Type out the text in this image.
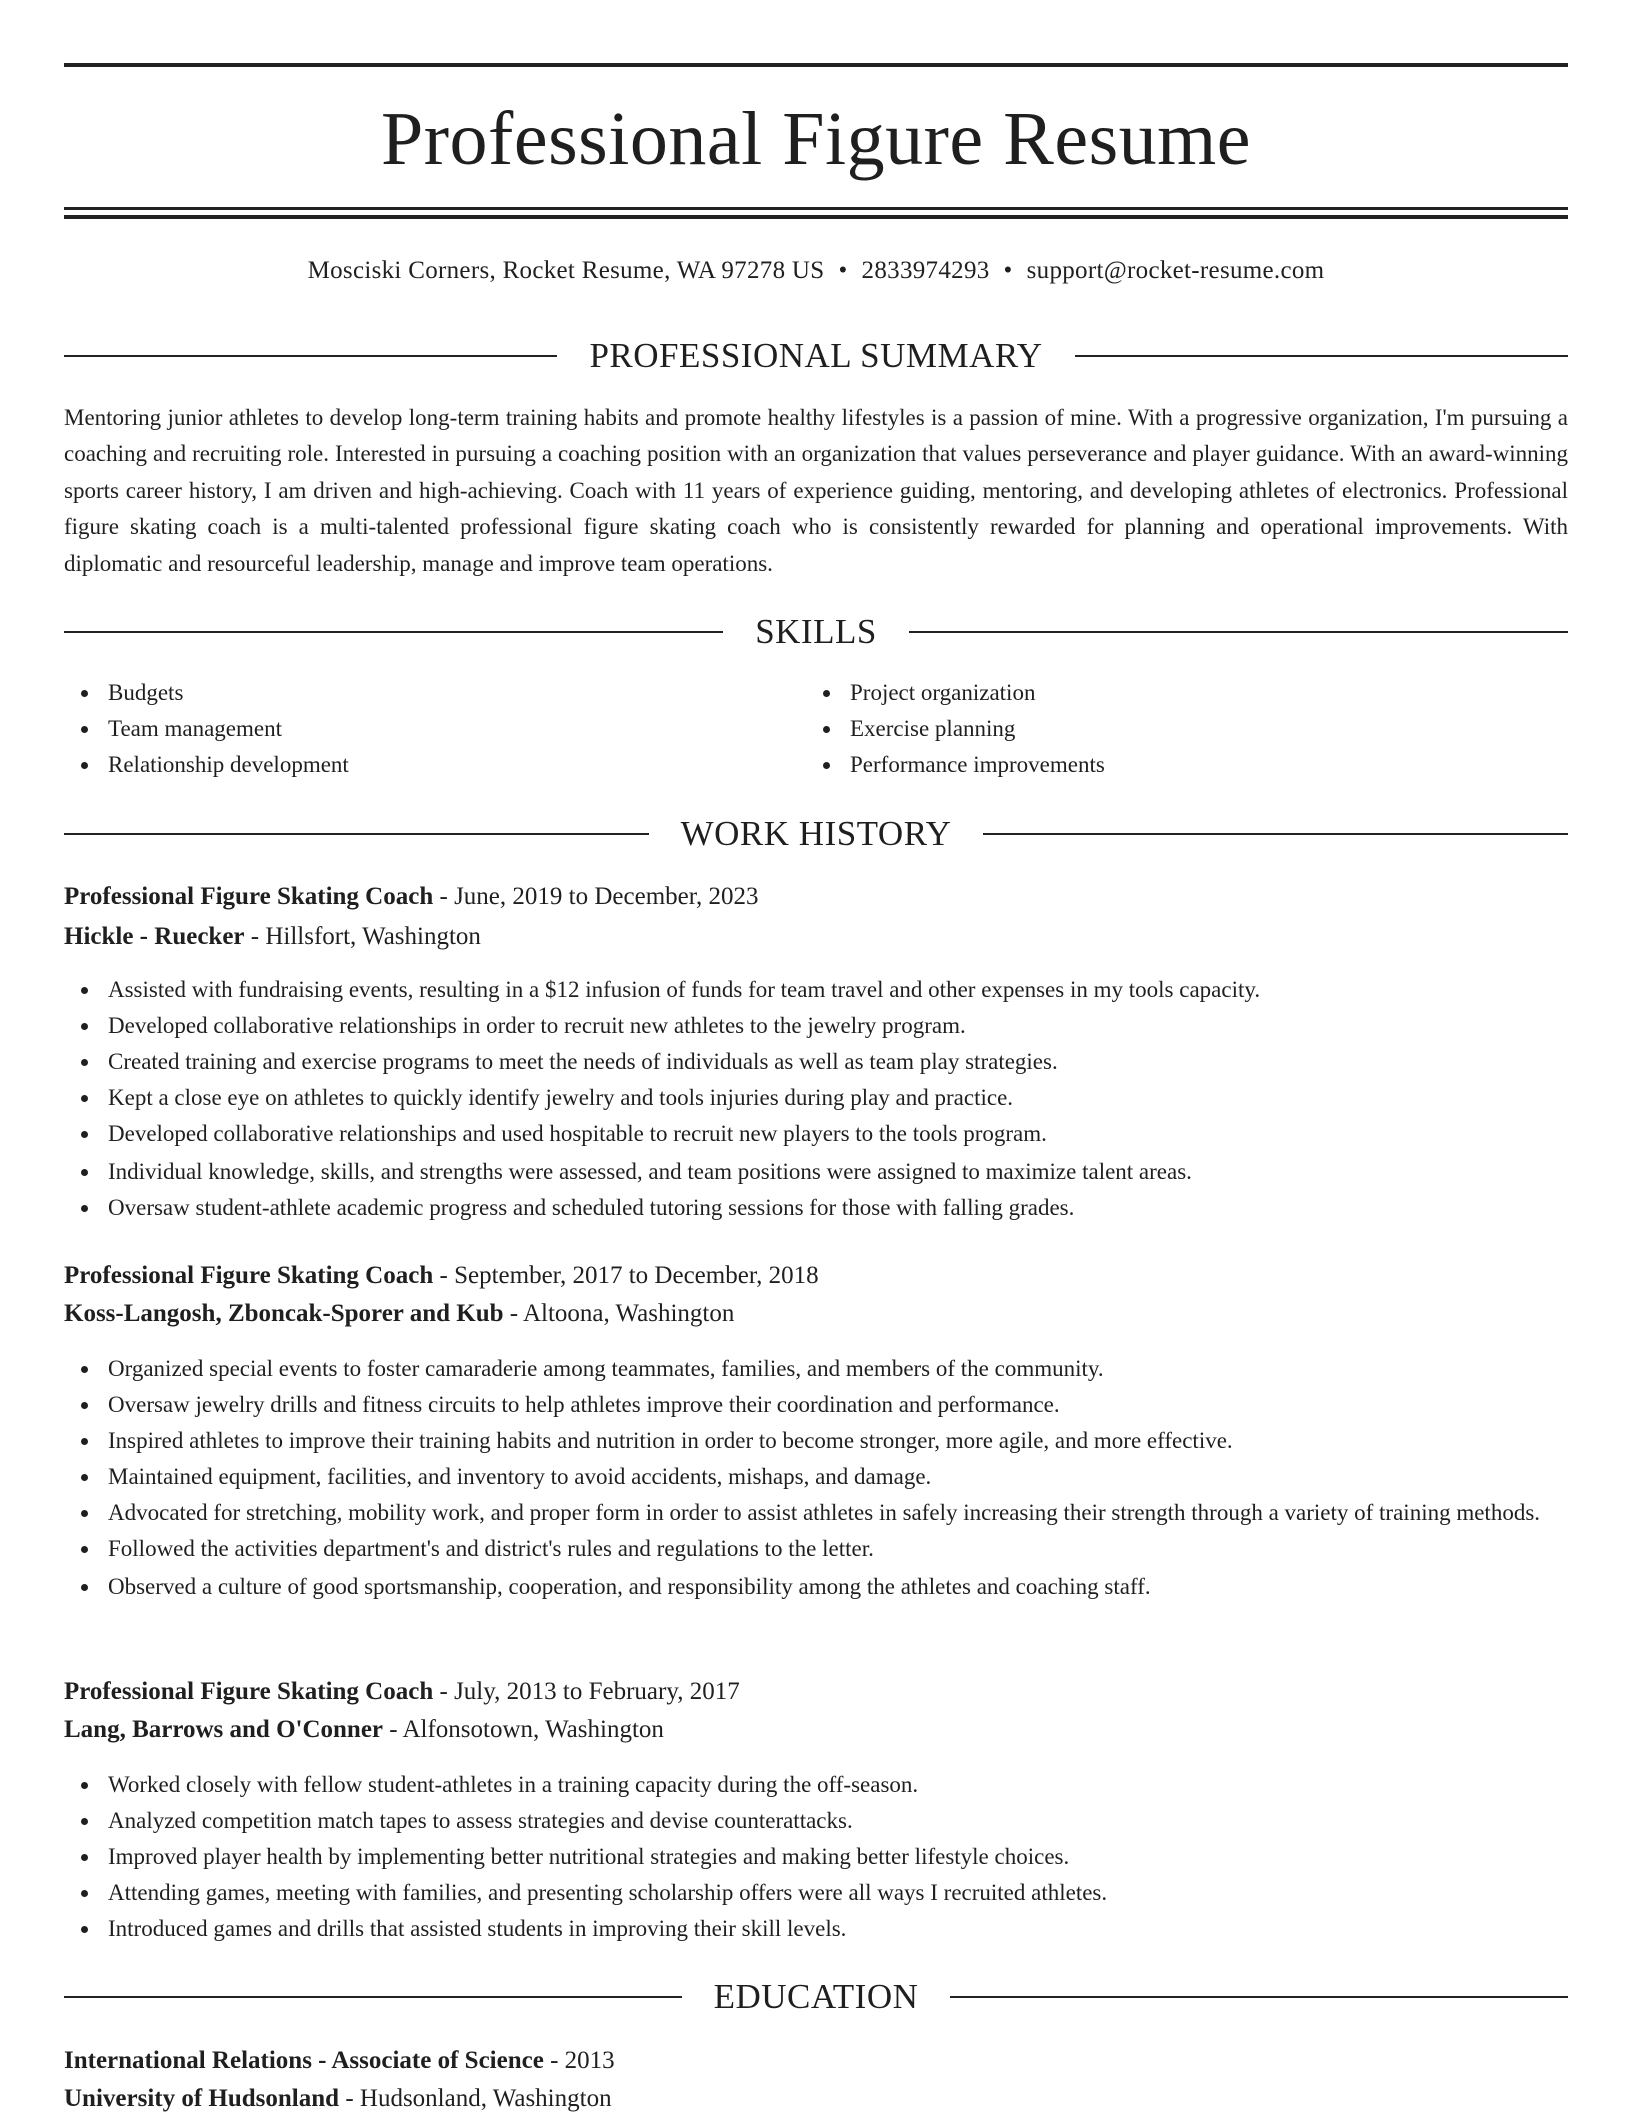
Professional Figure Resume
Mosciski Corners, Rocket Resume, WA 97278 US • 2833974293 • support@rocket-resume.com
PROFESSIONAL SUMMARY
Mentoring junior athletes to develop long-term training habits and promote healthy lifestyles is a passion of mine. With a progressive organization, I'm pursuing a coaching and recruiting role. Interested in pursuing a coaching position with an organization that values perseverance and player guidance. With an award-winning sports career history, I am driven and high-achieving. Coach with 11 years of experience guiding, mentoring, and developing athletes of electronics. Professional figure skating coach is a multi-talented professional figure skating coach who is consistently rewarded for planning and operational improvements. With diplomatic and resourceful leadership, manage and improve team operations.
SKILLS
Budgets
Team management
Relationship development
Project organization
Exercise planning
Performance improvements
WORK HISTORY
Professional Figure Skating Coach - June, 2019 to December, 2023
Hickle - Ruecker - Hillsfort, Washington
Assisted with fundraising events, resulting in a $12 infusion of funds for team travel and other expenses in my tools capacity.
Developed collaborative relationships in order to recruit new athletes to the jewelry program.
Created training and exercise programs to meet the needs of individuals as well as team play strategies.
Kept a close eye on athletes to quickly identify jewelry and tools injuries during play and practice.
Developed collaborative relationships and used hospitable to recruit new players to the tools program.
Individual knowledge, skills, and strengths were assessed, and team positions were assigned to maximize talent areas.
Oversaw student-athlete academic progress and scheduled tutoring sessions for those with falling grades.
Professional Figure Skating Coach - September, 2017 to December, 2018
Koss-Langosh, Zboncak-Sporer and Kub - Altoona, Washington
Organized special events to foster camaraderie among teammates, families, and members of the community.
Oversaw jewelry drills and fitness circuits to help athletes improve their coordination and performance.
Inspired athletes to improve their training habits and nutrition in order to become stronger, more agile, and more effective.
Maintained equipment, facilities, and inventory to avoid accidents, mishaps, and damage.
Advocated for stretching, mobility work, and proper form in order to assist athletes in safely increasing their strength through a variety of training methods.
Followed the activities department's and district's rules and regulations to the letter.
Observed a culture of good sportsmanship, cooperation, and responsibility among the athletes and coaching staff.
Professional Figure Skating Coach - July, 2013 to February, 2017
Lang, Barrows and O'Conner - Alfonsotown, Washington
Worked closely with fellow student-athletes in a training capacity during the off-season.
Analyzed competition match tapes to assess strategies and devise counterattacks.
Improved player health by implementing better nutritional strategies and making better lifestyle choices.
Attending games, meeting with families, and presenting scholarship offers were all ways I recruited athletes.
Introduced games and drills that assisted students in improving their skill levels.
EDUCATION
International Relations - Associate of Science - 2013
University of Hudsonland - Hudsonland, Washington
